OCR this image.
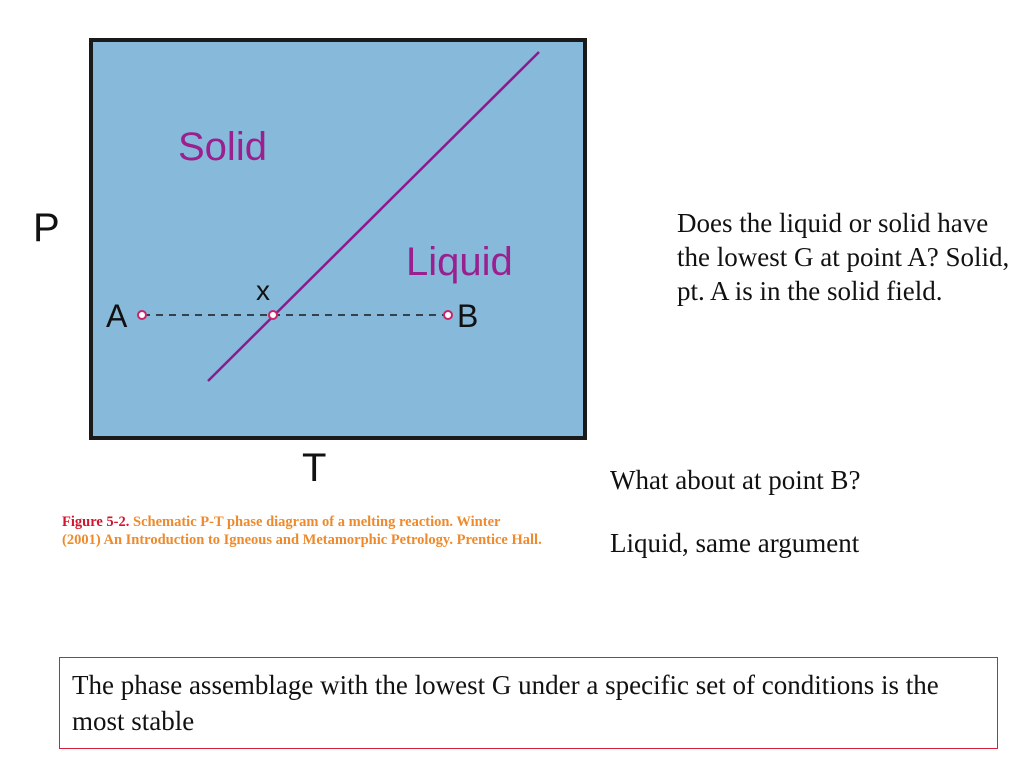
Solid
Liquid
A	B
x
P
T
Figure 5-2. Schematic P-T phase diagram of a melting reaction. Winter (2001) An Introduction to Igneous and Metamorphic Petrology. Prentice Hall.
Does the liquid or solid have the lowest G at point A? Solid, pt. A is in the solid field.
What about at point B?
Liquid, same argument
The phase assemblage with the lowest G under a specific set of conditions is the most stable
